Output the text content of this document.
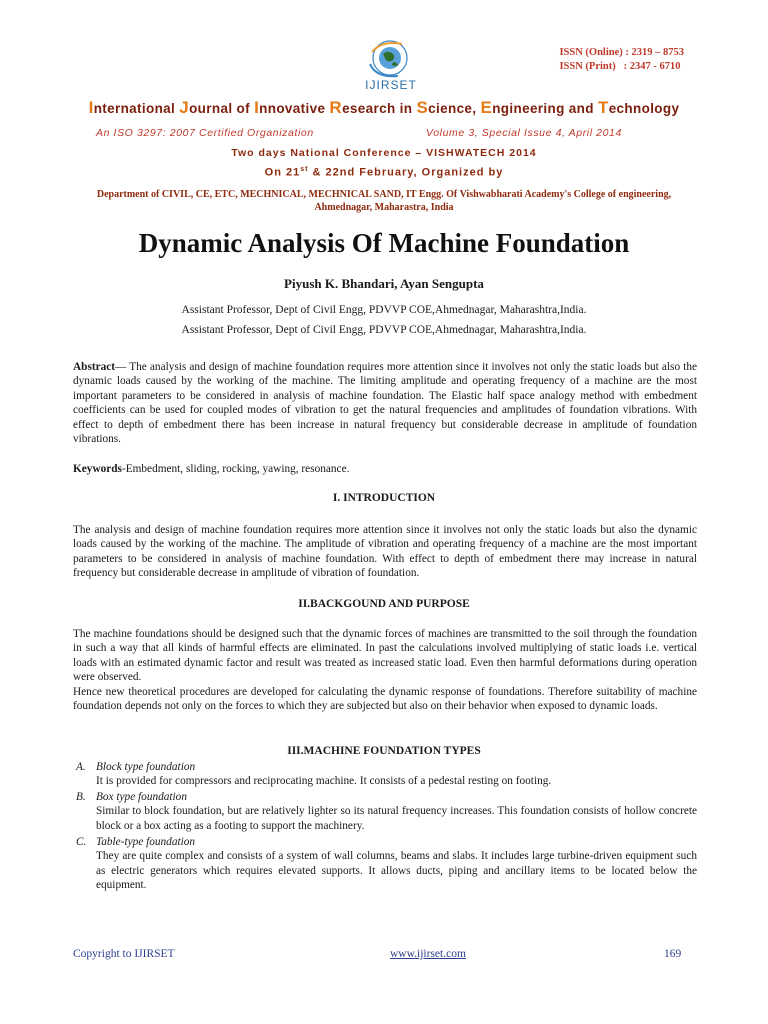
IJIRSET
ISSN (Online) : 2319 – 8753
ISSN (Print)   : 2347 - 6710
International Journal of Innovative Research in Science, Engineering and Technology
An ISO 3297: 2007 Certified Organization	Volume 3, Special Issue 4, April 2014
Two days National Conference – VISHWATECH 2014
On 21st & 22nd February, Organized by
Department of CIVIL, CE, ETC, MECHNICAL, MECHNICAL SAND, IT Engg. Of Vishwabharati Academy's College of engineering, Ahmednagar, Maharastra, India
Dynamic Analysis Of Machine Foundation
Piyush K. Bhandari, Ayan Sengupta
Assistant Professor, Dept of Civil Engg, PDVVP COE,Ahmednagar, Maharashtra,India.
Assistant Professor, Dept of Civil Engg, PDVVP COE,Ahmednagar, Maharashtra,India.
Abstract— The analysis and design of machine foundation requires more attention since it involves not only the static loads but also the dynamic loads caused by the working of the machine. The limiting amplitude and operating frequency of a machine are the most important parameters to be considered in analysis of machine foundation. The Elastic half space analogy method with embedment coefficients can be used for coupled modes of vibration to get the natural frequencies and amplitudes of foundation vibrations. With effect to depth of embedment there has been increase in natural frequency but considerable decrease in amplitude of foundation vibrations.
Keywords-Embedment, sliding, rocking, yawing, resonance.
I. INTRODUCTION
The analysis and design of machine foundation requires more attention since it involves not only the static loads but also the dynamic loads caused by the working of the machine. The amplitude of vibration and operating frequency of a machine are the most important parameters to be considered in analysis of machine foundation. With effect to depth of embedment there may increase in natural frequency but considerable decrease in amplitude of vibration of foundation.
II.BACKGOUND AND PURPOSE
The machine foundations should be designed such that the dynamic forces of machines are transmitted to the soil through the foundation in such a way that all kinds of harmful effects are eliminated. In past the calculations involved multiplying of static loads i.e. vertical loads with an estimated dynamic factor and result was treated as increased static load. Even then harmful deformations during operation were observed.
Hence new theoretical procedures are developed for calculating the dynamic response of foundations. Therefore suitability of machine foundation depends not only on the forces to which they are subjected but also on their behavior when exposed to dynamic loads.
III.MACHINE FOUNDATION TYPES
A. Block type foundation
It is provided for compressors and reciprocating machine. It consists of a pedestal resting on footing.
B. Box type foundation
Similar to block foundation, but are relatively lighter so its natural frequency increases. This foundation consists of hollow concrete block or a box acting as a footing to support the machinery.
C. Table-type foundation
They are quite complex and consists of a system of wall columns, beams and slabs. It includes large turbine-driven equipment such as electric generators which requires elevated supports. It allows ducts, piping and ancillary items to be located below the equipment.
Copyright to IJIRSET	www.ijirset.com	169
